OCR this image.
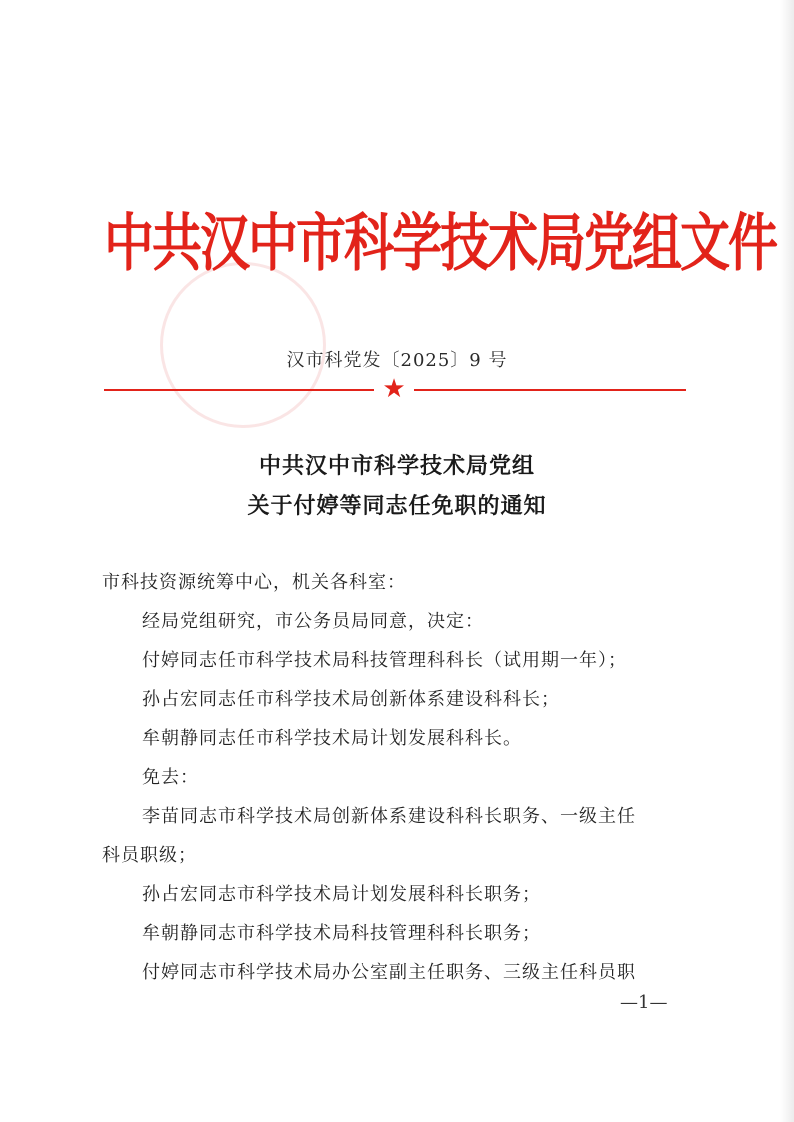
中共汉中市科学技术局党组文件
汉市科党发〔2025〕9 号
★
中共汉中市科学技术局党组
关于付婷等同志任免职的通知
市科技资源统筹中心，机关各科室：
经局党组研究，市公务员局同意，决定：
付婷同志任市科学技术局科技管理科科长（试用期一年）；
孙占宏同志任市科学技术局创新体系建设科科长；
牟朝静同志任市科学技术局计划发展科科长。
免去：
李苗同志市科学技术局创新体系建设科科长职务、一级主任
科员职级；
孙占宏同志市科学技术局计划发展科科长职务；
牟朝静同志市科学技术局科技管理科科长职务；
付婷同志市科学技术局办公室副主任职务、三级主任科员职
—1—
